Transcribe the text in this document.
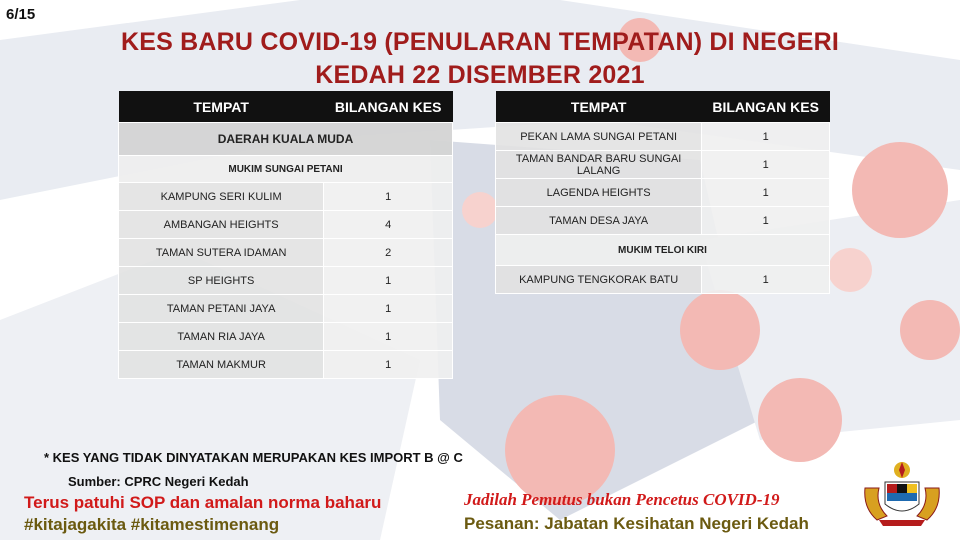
6/15
KES BARU COVID-19 (PENULARAN TEMPATAN) DI NEGERI
KEDAH 22 DISEMBER 2021
TEMPAT	BILANGAN KES
DAERAH KUALA MUDA	
MUKIM SUNGAI PETANI	
KAMPUNG SERI KULIM	1
AMBANGAN HEIGHTS	4
TAMAN SUTERA IDAMAN	2
SP HEIGHTS	1
TAMAN PETANI JAYA	1
TAMAN RIA JAYA	1
TAMAN MAKMUR	1
TEMPAT	BILANGAN KES
PEKAN LAMA SUNGAI PETANI	1
TAMAN BANDAR BARU SUNGAI LALANG	1
LAGENDA HEIGHTS	1
TAMAN DESA JAYA	1
MUKIM TELOI KIRI	
KAMPUNG TENGKORAK BATU	1
* KES YANG TIDAK DINYATAKAN MERUPAKAN KES IMPORT B @ C
Sumber: CPRC Negeri Kedah
Terus patuhi SOP dan amalan norma baharu
#kitajagakita #kitamestimenang
Jadilah Pemutus bukan Pencetus COVID-19
Pesanan: Jabatan Kesihatan Negeri Kedah
